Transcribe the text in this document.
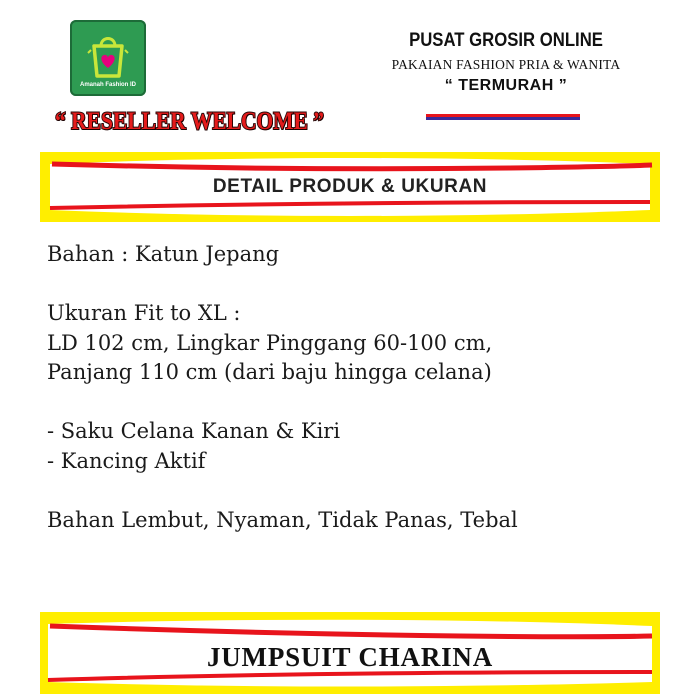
Amanah Fashion ID
PUSAT GROSIR ONLINE
PAKAIAN FASHION PRIA & WANITA
“ TERMURAH ”
“ RESELLER WELCOME ”
DETAIL PRODUK & UKURAN

Bahan : Katun Jepang

Ukuran Fit to XL :

LD 102 cm, Lingkar Pinggang 60-100 cm,

Panjang 110 cm (dari baju hingga celana)

- Saku Celana Kanan & Kiri

- Kancing Aktif

Bahan Lembut, Nyaman, Tidak Panas, Tebal

JUMPSUIT CHARINA
